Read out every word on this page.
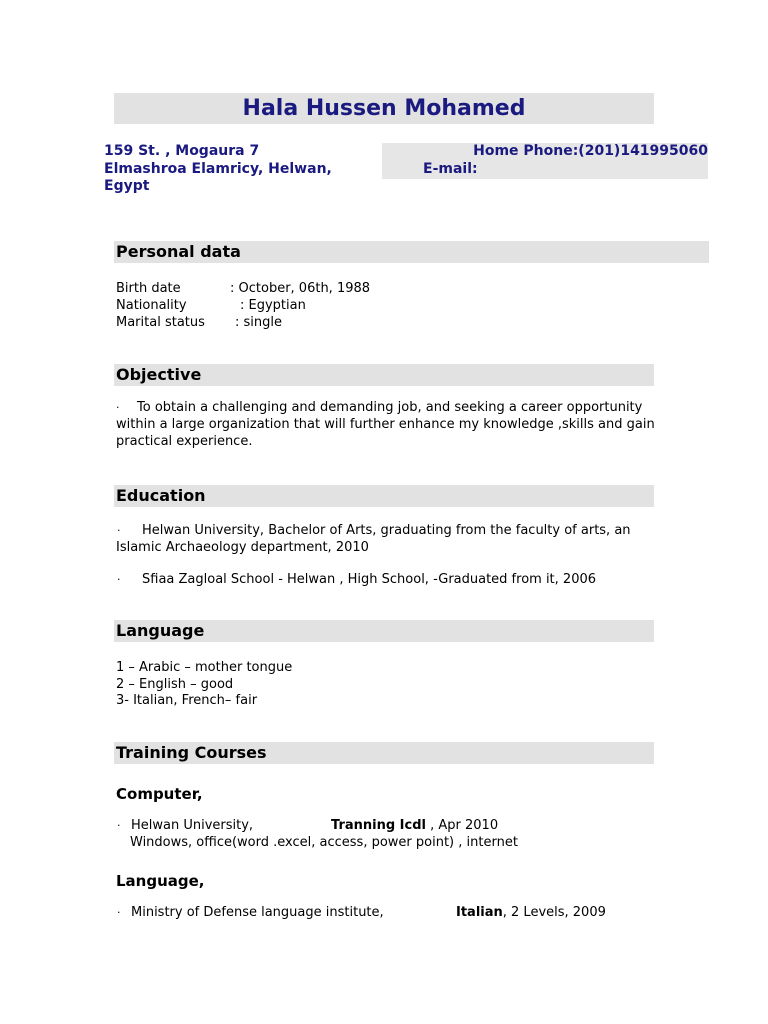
Hala Hussen Mohamed
159 St. , Mogaura 7
Elmashroa Elamricy, Helwan, Egypt
Home Phone:(201)141995060
E-mail:
Personal data
Birth date	: October, 06th, 1988
Nationality	: Egyptian
Marital status : single
Objective
· To obtain a challenging and demanding job, and seeking a career opportunity
within a large organization that will further enhance my knowledge ,skills and gain
practical experience.
Education
· Helwan University, Bachelor of Arts, graduating from the faculty of arts, an
Islamic Archaeology department, 2010
· Sfiaa Zagloal School - Helwan , High School, -Graduated from it, 2006
Language
1 – Arabic – mother tongue
2 – English – good
3- Italian, French– fair
Training Courses
Computer,
· Helwan University,	Tranning Icdl , Apr 2010
Windows, office(word .excel, access, power point) , internet
Language,
· Ministry of Defense language institute,	Italian, 2 Levels, 2009
